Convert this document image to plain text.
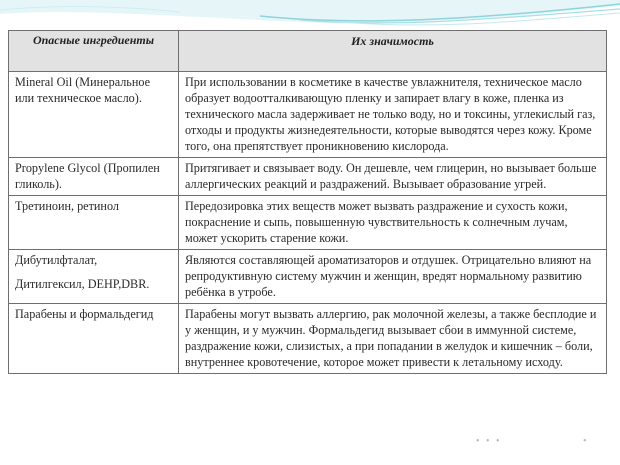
Опасные ингредиенты	Их значимость
Mineral Oil (Минеральное или техническое масло).	При использовании в косметике в качестве увлажнителя, техническое масло образует водоотталкивающую пленку и запирает влагу в коже, пленка из технического масла задерживает не только воду, но и токсины, углекислый газ, отходы и продукты жизнедеятельности, которые выводятся через кожу. Кроме того, она препятствует проникновению кислорода.
Propylene Glycol (Пропилен гликоль).	Притягивает и связывает воду. Он дешевле, чем глицерин, но вызывает больше аллергических реакций и раздражений. Вызывает образование угрей.
Третиноин, ретинол	Передозировка этих веществ может вызвать раздражение и сухость кожи, покраснение и сыпь, повышенную чувствительность к солнечным лучам, может ускорить старение кожи.
Дибутилфталат,
Дитилгексил, DEHP,DBR.	Являются составляющей ароматизаторов и отдушек. Отрицательно влияют на репродуктивную систему мужчин и женщин, вредят нормальному развитию ребёнка в утробе.
Парабены и формальдегид	Парабены могут вызвать аллергию, рак молочной железы, а также бесплодие и у женщин, и у мужчин. Формальдегид вызывает сбои в иммунной системе, раздражение кожи, слизистых, а при попадании в желудок и кишечник – боли, внутреннее кровотечение, которое может привести к летальному исходу.
• • •	•
